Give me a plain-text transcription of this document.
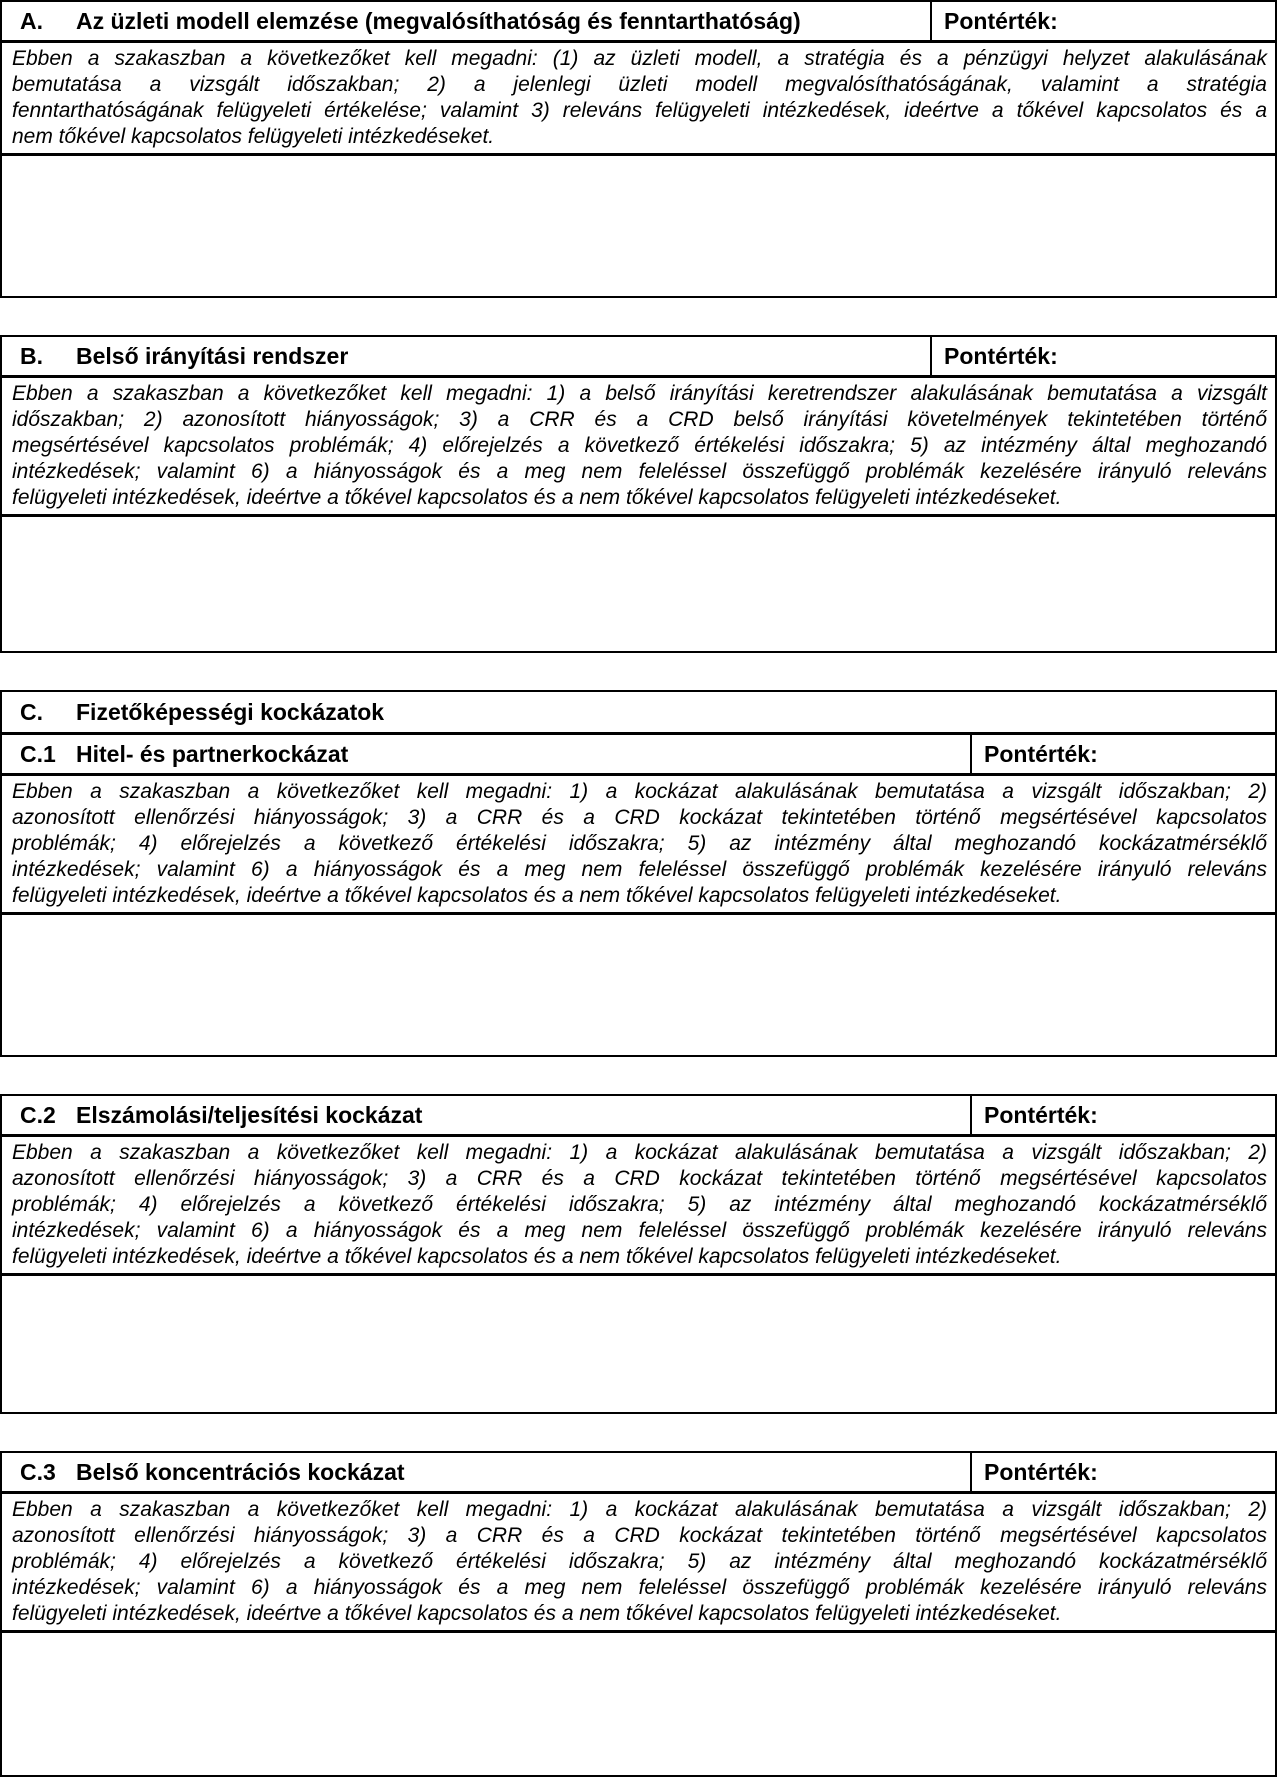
A.	Az üzleti modell elemzése (megvalósíthatóság és fenntarthatóság)	Pontérték:
Ebben a szakaszban a következőket kell megadni: (1) az üzleti modell, a stratégia és a pénzügyi helyzet alakulásának
bemutatása a vizsgált időszakban; 2) a jelenlegi üzleti modell megvalósíthatóságának, valamint a stratégia
fenntarthatóságának felügyeleti értékelése; valamint 3) releváns felügyeleti intézkedések, ideértve a tőkével kapcsolatos és a
nem tőkével kapcsolatos felügyeleti intézkedéseket.
B.	Belső irányítási rendszer	Pontérték:
Ebben a szakaszban a következőket kell megadni: 1) a belső irányítási keretrendszer alakulásának bemutatása a vizsgált
időszakban; 2) azonosított hiányosságok; 3) a CRR és a CRD belső irányítási követelmények tekintetében történő
megsértésével kapcsolatos problémák; 4) előrejelzés a következő értékelési időszakra; 5) az intézmény által meghozandó
intézkedések; valamint 6) a hiányosságok és a meg nem feleléssel összefüggő problémák kezelésére irányuló releváns
felügyeleti intézkedések, ideértve a tőkével kapcsolatos és a nem tőkével kapcsolatos felügyeleti intézkedéseket.
C.	Fizetőképességi kockázatok
C.1 Hitel- és partnerkockázat	Pontérték:
Ebben a szakaszban a következőket kell megadni: 1) a kockázat alakulásának bemutatása a vizsgált időszakban; 2)
azonosított ellenőrzési hiányosságok; 3) a CRR és a CRD kockázat tekintetében történő megsértésével kapcsolatos
problémák; 4) előrejelzés a következő értékelési időszakra; 5) az intézmény által meghozandó kockázatmérséklő
intézkedések; valamint 6) a hiányosságok és a meg nem feleléssel összefüggő problémák kezelésére irányuló releváns
felügyeleti intézkedések, ideértve a tőkével kapcsolatos és a nem tőkével kapcsolatos felügyeleti intézkedéseket.
C.2 Elszámolási/teljesítési kockázat	Pontérték:
Ebben a szakaszban a következőket kell megadni: 1) a kockázat alakulásának bemutatása a vizsgált időszakban; 2)
azonosított ellenőrzési hiányosságok; 3) a CRR és a CRD kockázat tekintetében történő megsértésével kapcsolatos
problémák; 4) előrejelzés a következő értékelési időszakra; 5) az intézmény által meghozandó kockázatmérséklő
intézkedések; valamint 6) a hiányosságok és a meg nem feleléssel összefüggő problémák kezelésére irányuló releváns
felügyeleti intézkedések, ideértve a tőkével kapcsolatos és a nem tőkével kapcsolatos felügyeleti intézkedéseket.
C.3 Belső koncentrációs kockázat	Pontérték:
Ebben a szakaszban a következőket kell megadni: 1) a kockázat alakulásának bemutatása a vizsgált időszakban; 2)
azonosított ellenőrzési hiányosságok; 3) a CRR és a CRD kockázat tekintetében történő megsértésével kapcsolatos
problémák; 4) előrejelzés a következő értékelési időszakra; 5) az intézmény által meghozandó kockázatmérséklő
intézkedések; valamint 6) a hiányosságok és a meg nem feleléssel összefüggő problémák kezelésére irányuló releváns
felügyeleti intézkedések, ideértve a tőkével kapcsolatos és a nem tőkével kapcsolatos felügyeleti intézkedéseket.
